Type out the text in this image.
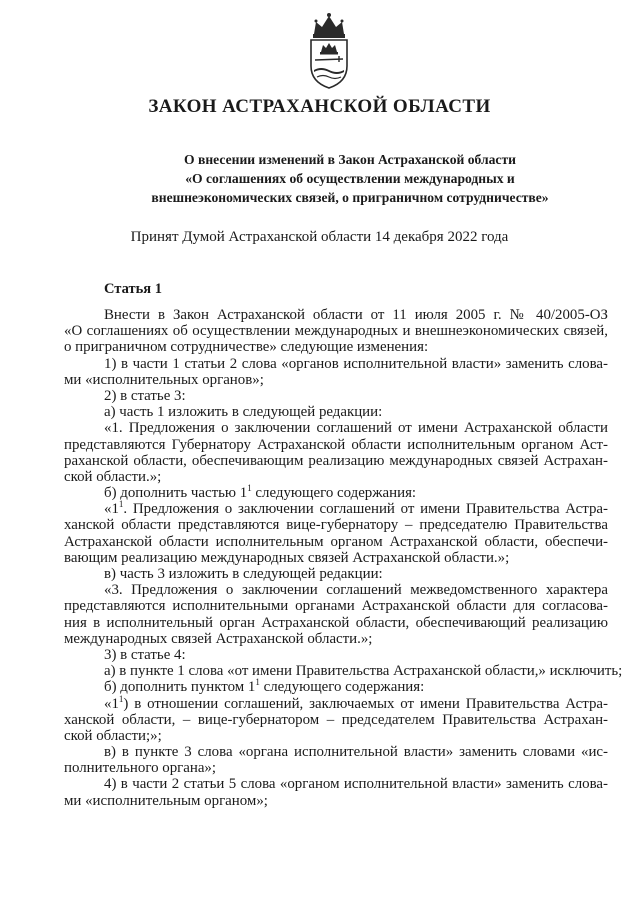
ЗАКОН АСТРАХАНСКОЙ ОБЛАСТИ
О внесении изменений в Закон Астраханской области
«О соглашениях об осуществлении международных и
внешнеэкономических связей, о приграничном сотрудничестве»
Принят Думой Астраханской области 14 декабря 2022 года
Статья 1
Внести в Закон Астраханской области от 11 июля 2005 г. № 40/2005-ОЗ
«О соглашениях об осуществлении международных и внешнеэкономических связей,
о приграничном сотрудничестве» следующие изменения:
1) в части 1 статьи 2 слова «органов исполнительной власти» заменить слова-
ми «исполнительных органов»;
2) в статье 3:
а) часть 1 изложить в следующей редакции:
«1. Предложения о заключении соглашений от имени Астраханской области
представляются Губернатору Астраханской области исполнительным органом Аст-
раханской области, обеспечивающим реализацию международных связей Астрахан-
ской области.»;
б) дополнить частью $1^1$ следующего содержания:
«$1^1$. Предложения о заключении соглашений от имени Правительства Астра-
ханской области представляются вице-губернатору – председателю Правительства
Астраханской области исполнительным органом Астраханской области, обеспечи-
вающим реализацию международных связей Астраханской области.»;
в) часть 3 изложить в следующей редакции:
«3. Предложения о заключении соглашений межведомственного характера
представляются исполнительными органами Астраханской области для согласова-
ния в исполнительный орган Астраханской области, обеспечивающий реализацию
международных связей Астраханской области.»;
3) в статье 4:
а) в пункте 1 слова «от имени Правительства Астраханской области,» исключить;
б) дополнить пунктом $1^1$ следующего содержания:
«$1^1$) в отношении соглашений, заключаемых от имени Правительства Астра-
ханской области, – вице-губернатором – председателем Правительства Астрахан-
ской области;»;
в) в пункте 3 слова «органа исполнительной власти» заменить словами «ис-
полнительного органа»;
4) в части 2 статьи 5 слова «органом исполнительной власти» заменить слова-
ми «исполнительным органом»;
